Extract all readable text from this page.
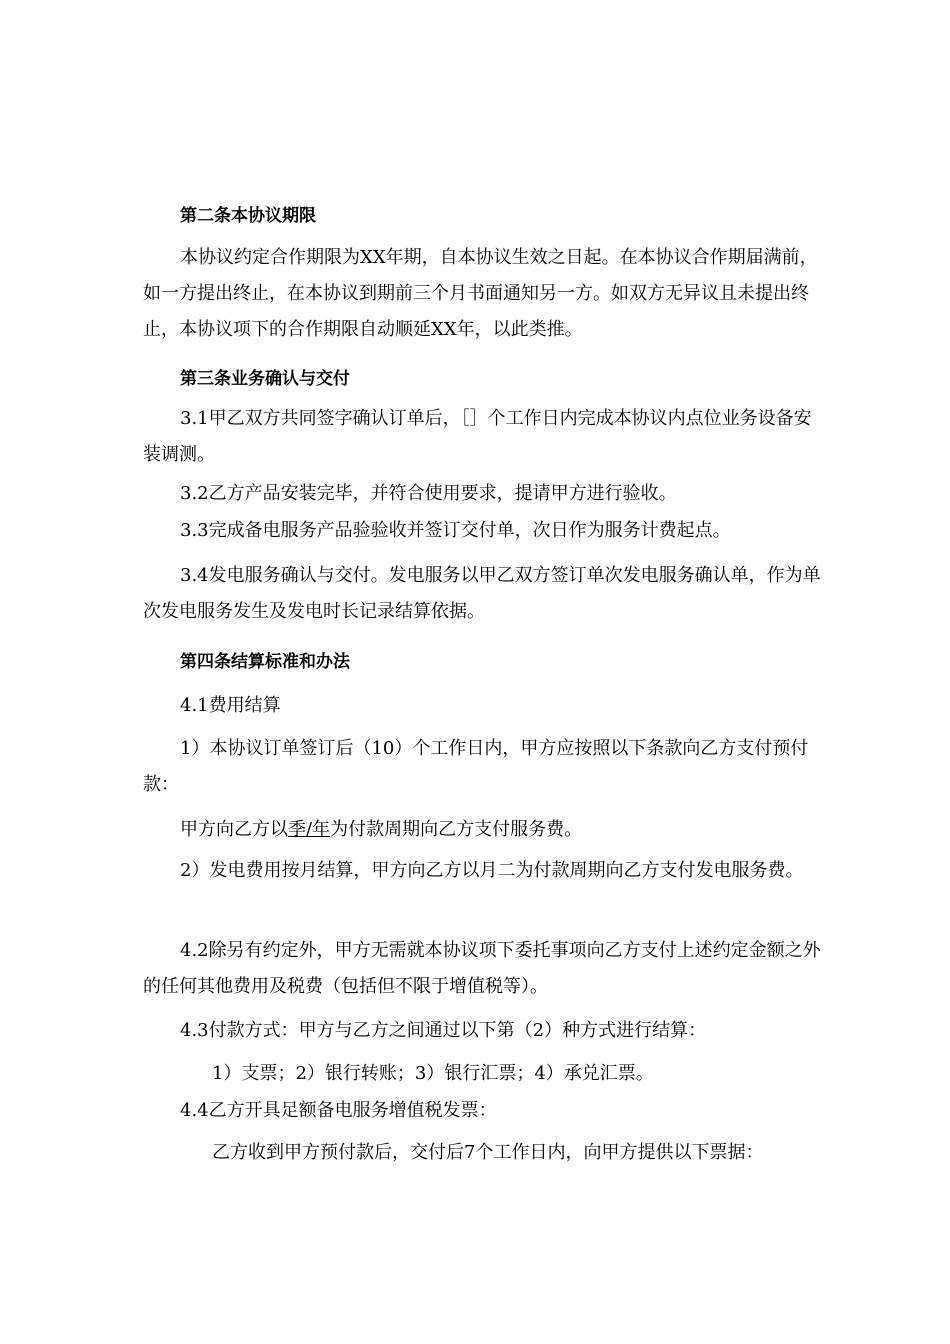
第二条本协议期限
本协议约定合作期限为XX年期，自本协议生效之日起。在本协议合作期届满前，如一方提出终止，在本协议到期前三个月书面通知另一方。如双方无异议且未提出终止，本协议项下的合作期限自动顺延XX年，以此类推。
第三条业务确认与交付
3.1甲乙双方共同签字确认订单后，［］个工作日内完成本协议内点位业务设备安装调测。
3.2乙方产品安装完毕，并符合使用要求，提请甲方进行验收。
3.3完成备电服务产品验验收并签订交付单，次日作为服务计费起点。
3.4发电服务确认与交付。发电服务以甲乙双方签订单次发电服务确认单，作为单次发电服务发生及发电时长记录结算依据。
第四条结算标准和办法
4.1费用结算
1）本协议订单签订后（10）个工作日内，甲方应按照以下条款向乙方支付预付款：
甲方向乙方以季/年为付款周期向乙方支付服务费。
2）发电费用按月结算，甲方向乙方以月二为付款周期向乙方支付发电服务费。
4.2除另有约定外，甲方无需就本协议项下委托事项向乙方支付上述约定金额之外的任何其他费用及税费（包括但不限于增值税等）。
4.3付款方式：甲方与乙方之间通过以下第（2）种方式进行结算：
1）支票；2）银行转账；3）银行汇票；4）承兑汇票。
4.4乙方开具足额备电服务增值税发票：
乙方收到甲方预付款后，交付后7个工作日内，向甲方提供以下票据：
